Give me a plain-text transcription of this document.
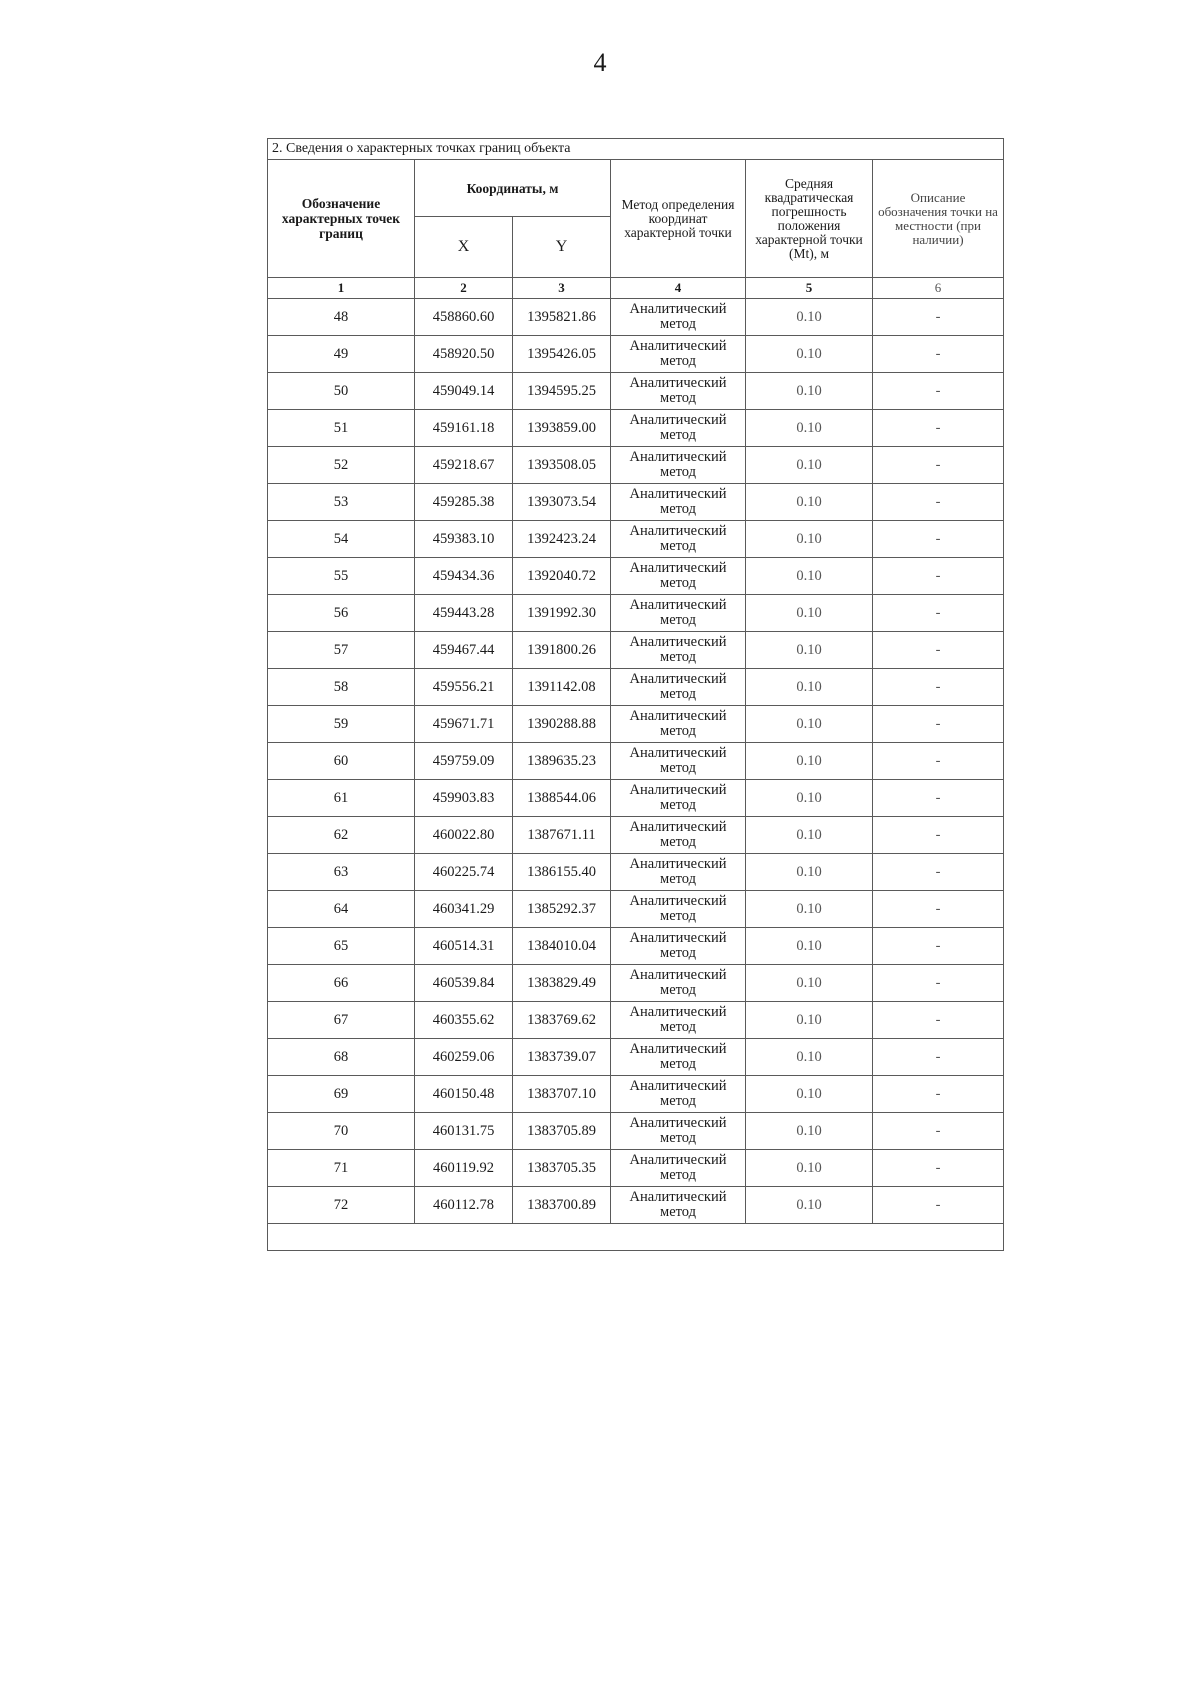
4
2. Сведения о характерных точках границ объекта					
Обозначение характерных точек границ	Координаты, м		Метод определения координат характерной точки	Средняя квадратическая погрешность положения характерной точки (Mt), м	Описание обозначения точки на местности (при наличии)
	X	Y			
1	2	3	4	5	6
48	458860.60	1395821.86	Аналитический метод	0.10	-
49	458920.50	1395426.05	Аналитический метод	0.10	-
50	459049.14	1394595.25	Аналитический метод	0.10	-
51	459161.18	1393859.00	Аналитический метод	0.10	-
52	459218.67	1393508.05	Аналитический метод	0.10	-
53	459285.38	1393073.54	Аналитический метод	0.10	-
54	459383.10	1392423.24	Аналитический метод	0.10	-
55	459434.36	1392040.72	Аналитический метод	0.10	-
56	459443.28	1391992.30	Аналитический метод	0.10	-
57	459467.44	1391800.26	Аналитический метод	0.10	-
58	459556.21	1391142.08	Аналитический метод	0.10	-
59	459671.71	1390288.88	Аналитический метод	0.10	-
60	459759.09	1389635.23	Аналитический метод	0.10	-
61	459903.83	1388544.06	Аналитический метод	0.10	-
62	460022.80	1387671.11	Аналитический метод	0.10	-
63	460225.74	1386155.40	Аналитический метод	0.10	-
64	460341.29	1385292.37	Аналитический метод	0.10	-
65	460514.31	1384010.04	Аналитический метод	0.10	-
66	460539.84	1383829.49	Аналитический метод	0.10	-
67	460355.62	1383769.62	Аналитический метод	0.10	-
68	460259.06	1383739.07	Аналитический метод	0.10	-
69	460150.48	1383707.10	Аналитический метод	0.10	-
70	460131.75	1383705.89	Аналитический метод	0.10	-
71	460119.92	1383705.35	Аналитический метод	0.10	-
72	460112.78	1383700.89	Аналитический метод	0.10	-
